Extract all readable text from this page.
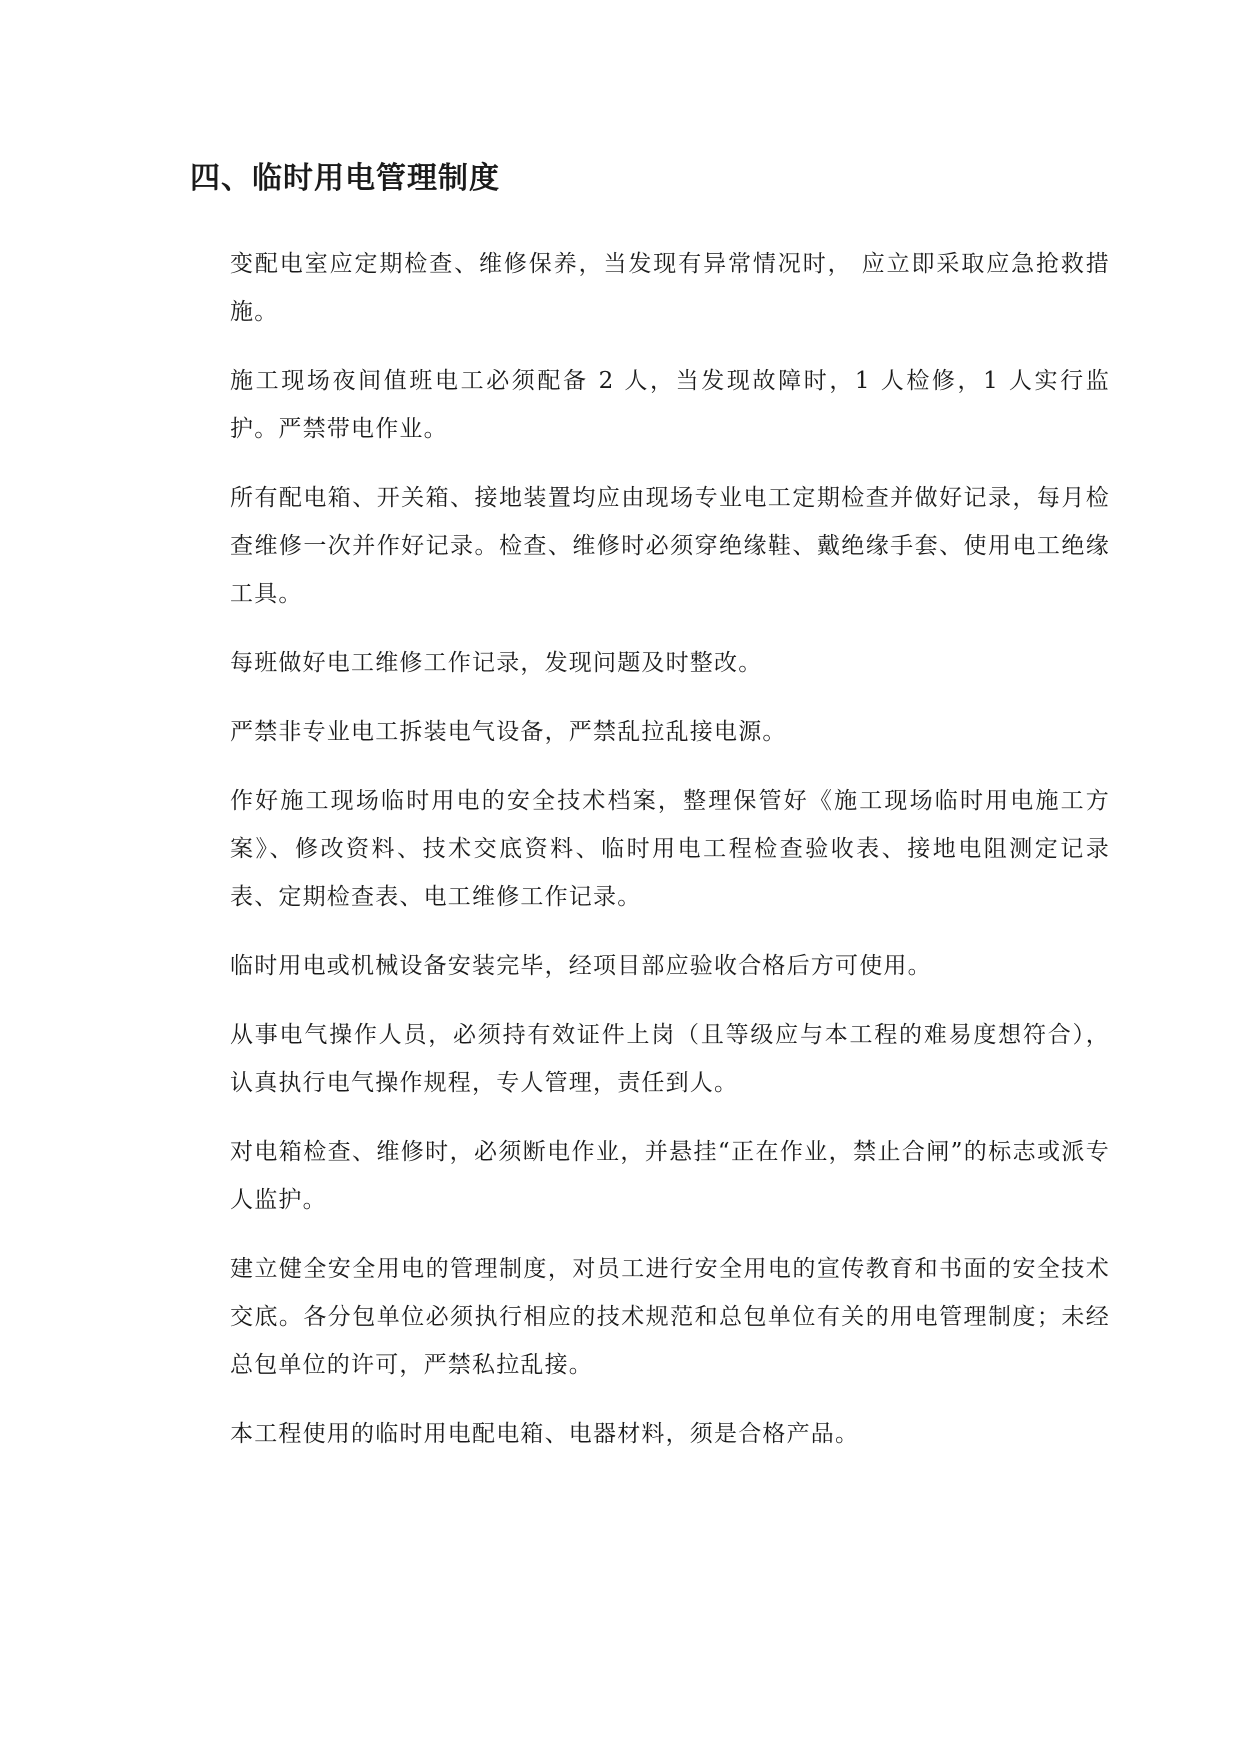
四、临时用电管理制度

变配电室应定期检查、维修保养，当发现有异常情况时， 应立即采取应急抢救措施。

施工现场夜间值班电工必须配备 2 人，当发现故障时，1 人检修，1 人实行监护。严禁带电作业。

所有配电箱、开关箱、接地装置均应由现场专业电工定期检查并做好记录，每月检查维修一次并作好记录。检查、维修时必须穿绝缘鞋、戴绝缘手套、使用电工绝缘工具。

每班做好电工维修工作记录，发现问题及时整改。

严禁非专业电工拆装电气设备，严禁乱拉乱接电源。

作好施工现场临时用电的安全技术档案，整理保管好《施工现场临时用电施工方案》、修改资料、技术交底资料、临时用电工程检查验收表、接地电阻测定记录表、定期检查表、电工维修工作记录。

临时用电或机械设备安装完毕，经项目部应验收合格后方可使用。

从事电气操作人员，必须持有效证件上岗（且等级应与本工程的难易度想符合），认真执行电气操作规程，专人管理，责任到人。

对电箱检查、维修时，必须断电作业，并悬挂“正在作业，禁止合闸”的标志或派专人监护。

建立健全安全用电的管理制度，对员工进行安全用电的宣传教育和书面的安全技术交底。各分包单位必须执行相应的技术规范和总包单位有关的用电管理制度；未经总包单位的许可，严禁私拉乱接。

本工程使用的临时用电配电箱、电器材料，须是合格产品。
